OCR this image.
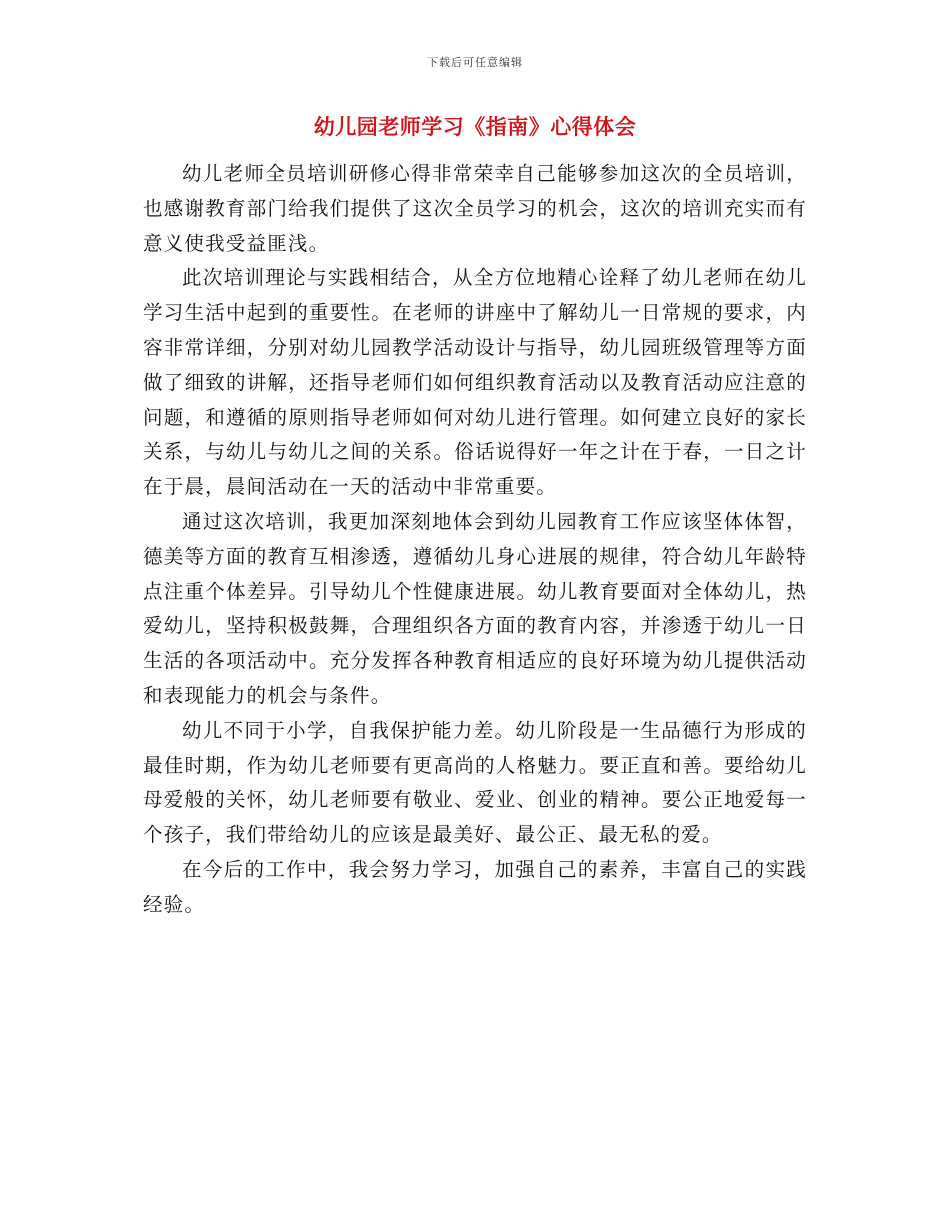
下载后可任意编辑
幼儿园老师学习《指南》心得体会

幼儿老师全员培训研修心得非常荣幸自己能够参加这次的全员培训，也感谢教育部门给我们提供了这次全员学习的机会，这次的培训充实而有意义使我受益匪浅。

此次培训理论与实践相结合，从全方位地精心诠释了幼儿老师在幼儿学习生活中起到的重要性。在老师的讲座中了解幼儿一日常规的要求，内容非常详细，分别对幼儿园教学活动设计与指导，幼儿园班级管理等方面做了细致的讲解，还指导老师们如何组织教育活动以及教育活动应注意的问题，和遵循的原则指导老师如何对幼儿进行管理。如何建立良好的家长关系，与幼儿与幼儿之间的关系。俗话说得好一年之计在于春，一日之计在于晨，晨间活动在一天的活动中非常重要。

通过这次培训，我更加深刻地体会到幼儿园教育工作应该坚体体智，德美等方面的教育互相渗透，遵循幼儿身心进展的规律，符合幼儿年龄特点注重个体差异。引导幼儿个性健康进展。幼儿教育要面对全体幼儿，热爱幼儿，坚持积极鼓舞，合理组织各方面的教育内容，并渗透于幼儿一日生活的各项活动中。充分发挥各种教育相适应的良好环境为幼儿提供活动和表现能力的机会与条件。

幼儿不同于小学，自我保护能力差。幼儿阶段是一生品德行为形成的最佳时期，作为幼儿老师要有更高尚的人格魅力。要正直和善。要给幼儿母爱般的关怀，幼儿老师要有敬业、爱业、创业的精神。要公正地爱每一个孩子，我们带给幼儿的应该是最美好、最公正、最无私的爱。

在今后的工作中，我会努力学习，加强自己的素养，丰富自己的实践经验。
